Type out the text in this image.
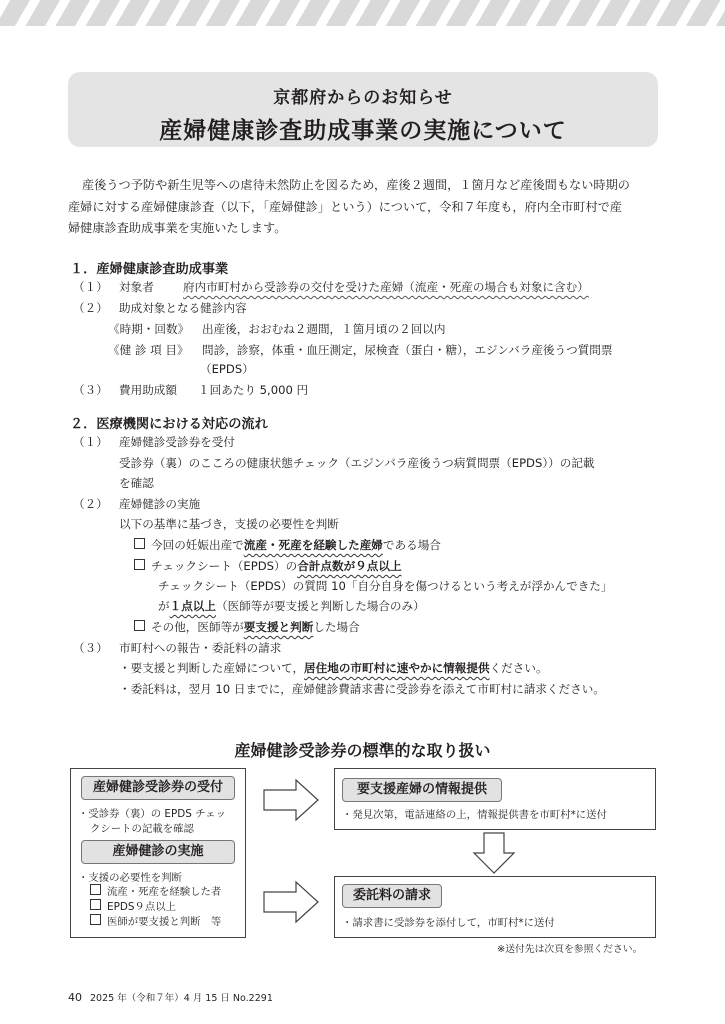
京都府からのお知らせ
産婦健康診査助成事業の実施について
産後うつ予防や新生児等への虐待未然防止を図るため，産後２週間，１箇月など産後間もない時期の
産婦に対する産婦健康診査（以下，「産婦健診」という）について，令和７年度も，府内全市町村で産
婦健康診査助成事業を実施いたします。
１．産婦健康診査助成事業
（１） 対象者	府内市町村から受診券の交付を受けた産婦（流産・死産の場合も対象に含む）
（２） 助成対象となる健診内容
《時期・回数》 出産後，おおむね２週間，１箇月頃の２回以内
《健 診 項 目》 問診，診察，体重・血圧測定，尿検査（蛋白・糖），エジンバラ産後うつ質問票
（EPDS）
（３） 費用助成額 １回あたり 5,000 円
２．医療機関における対応の流れ
（１） 産婦健診受診券を受付
受診券（裏）のこころの健康状態チェック（エジンバラ産後うつ病質問票（EPDS））の記載
を確認
（２） 産婦健診の実施
以下の基準に基づき，支援の必要性を判断
今回の妊娠出産で流産・死産を経験した産婦である場合
チェックシート（EPDS）の合計点数が９点以上
チェックシート（EPDS）の質問 10「自分自身を傷つけるという考えが浮かんできた」
が１点以上（医師等が要支援と判断した場合のみ）
その他，医師等が要支援と判断した場合
（３） 市町村への報告・委託料の請求
・要支援と判断した産婦について，居住地の市町村に速やかに情報提供ください。
・委託料は，翌月 10 日までに，産婦健診費請求書に受診券を添えて市町村に請求ください。
産婦健診受診券の標準的な取り扱い
産婦健診受診券の受付
・受診券（裏）の EPDS チェッ
クシートの記載を確認
産婦健診の実施
・支援の必要性を判断
流産・死産を経験した者
EPDS９点以上
医師が要支援と判断　等
要支援産婦の情報提供
・発見次第，電話連絡の上，情報提供書を市町村*に送付
委託料の請求
・請求書に受診券を添付して，市町村*に送付
※送付先は次頁を参照ください。
40 2025 年（令和７年）4 月 15 日 No.2291
